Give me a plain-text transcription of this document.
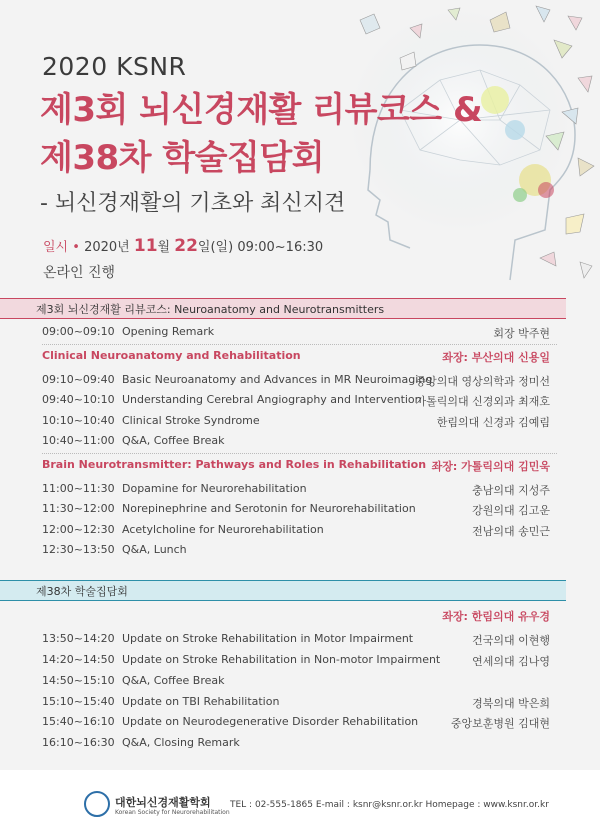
2020 KSNR
제3회 뇌신경재활 리뷰코스 &
제38차 학술집담회
- 뇌신경재활의 기초와 최신지견
일시 • 2020년 11월 22일(일) 09:00~16:30
온라인 진행
제3회 뇌신경재활 리뷰코스: Neuroanatomy and Neurotransmitters
09:00~09:10 Opening Remark	회장 박주현
Clinical Neuroanatomy and Rehabilitation	좌장: 부산의대 신용일
09:10~09:40 Basic Neuroanatomy and Advances in MR Neuroimaging
중앙의대 영상의학과 정미선
09:40~10:10 Understanding Cerebral Angiography and Intervention
가톨릭의대 신경외과 최재호
10:10~10:40 Clinical Stroke Syndrome	한림의대 신경과 김예림
10:40~11:00 Q&A, Coffee Break
Brain Neurotransmitter: Pathways and Roles in Rehabilitation 좌장: 가톨릭의대 김민욱
11:00~11:30 Dopamine for Neurorehabilitation	충남의대 지성주
11:30~12:00 Norepinephrine and Serotonin for Neurorehabilitation	강원의대 김고운
12:00~12:30 Acetylcholine for Neurorehabilitation	전남의대 송민근
12:30~13:50 Q&A, Lunch
제38차 학술집담회
좌장: 한림의대 유우경
13:50~14:20 Update on Stroke Rehabilitation in Motor Impairment	건국의대 이현행
14:20~14:50 Update on Stroke Rehabilitation in Non-motor Impairment	연세의대 김나영
14:50~15:10 Q&A, Coffee Break
15:10~15:40 Update on TBI Rehabilitation	경북의대 박은희
15:40~16:10 Update on Neurodegenerative Disorder Rehabilitation	중앙보훈병원 김대현
16:10~16:30 Q&A, Closing Remark
대한뇌신경재활학회
Korean Society for Neurorehabilitation
TEL : 02-555-1865 E-mail : ksnr@ksnr.or.kr Homepage : www.ksnr.or.kr
